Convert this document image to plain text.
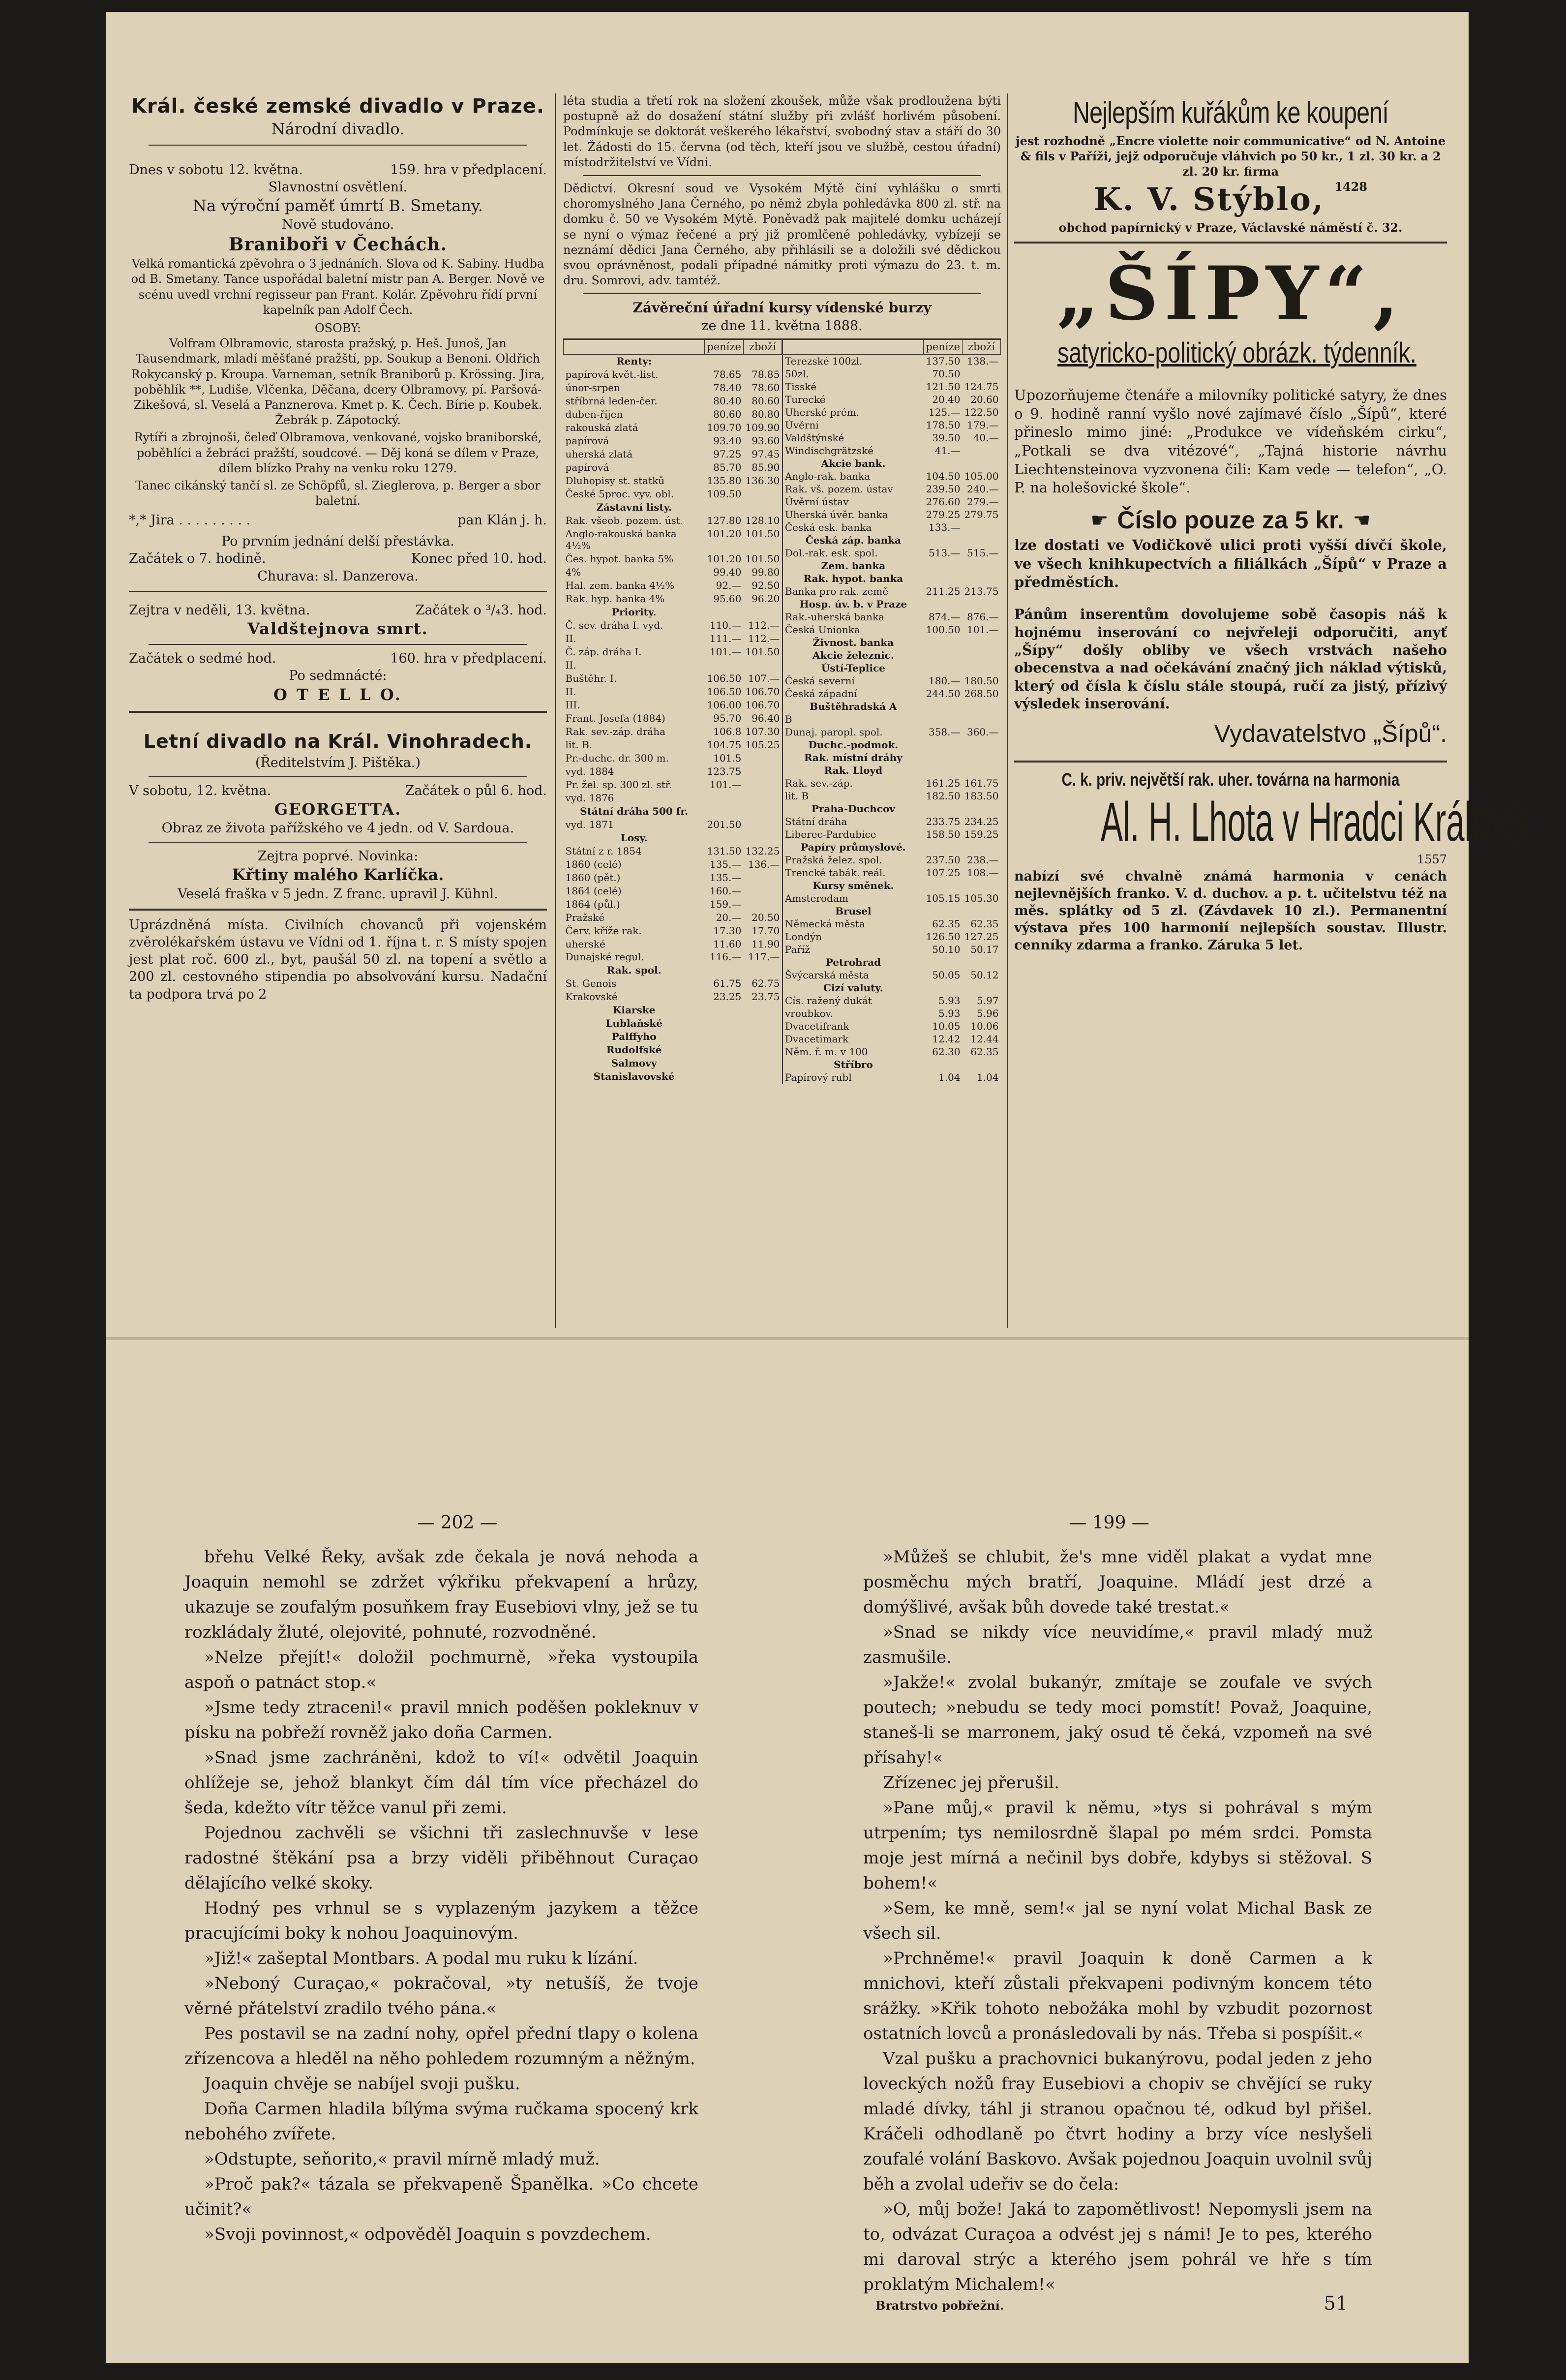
Král. české zemské divadlo v Praze.
Národní divadlo.
Dnes v sobotu 12. května.	159. hra v předplacení.
Slavnostní osvětlení.
Na výroční paměť úmrtí B. Smetany.
Nově studováno.
Braniboři v Čechách.
Velká romantická zpěvohra o 3 jednáních. Slova od K. Sabiny. Hudba od B. Smetany. Tance uspořádal baletní mistr pan A. Berger. Nově ve scénu uvedl vrchní regisseur pan Frant. Kolár. Zpěvohru řídí první kapelník pan Adolf Čech.
OSOBY:
Volfram Olbramovic, starosta pražský, p. Heš. Junoš, Jan Tausendmark, mladí měšťané pražští, pp. Soukup a Benoni. Oldřich Rokycanský p. Kroupa. Varneman, setník Braniborů p. Krössing. Jira, poběhlík **, Ludiše, Vlčenka, Děčana, dcery Olbramovy, pí. Paršová-Zikešová, sl. Veselá a Panznerova. Kmet p. K. Čech. Bírie p. Koubek. Žebrák p. Zápotocký.
Rytíři a zbrojnoši, čeleď Olbramova, venkované, vojsko braniborské, poběhlíci a žebráci pražští, soudcové. — Děj koná se dílem v Praze, dílem blízko Prahy na venku roku 1279.
Tanec cikánský tančí sl. ze Schöpfů, sl. Zieglerova, p. Berger a sbor baletní.
*,* Jira . . . . . . . . .	pan Klán j. h.
Po prvním jednání delší přestávka.
Začátek o 7. hodině.	Konec před 10. hod.
Churava: sl. Danzerova.
Zejtra v neděli, 13. května.	Začátek o ³/₄3. hod.
Valdštejnova smrt.
Začátek o sedmé hod.	160. hra v předplacení.
Po sedmnácté:
O T E L L O.
Letní divadlo na Král. Vinohradech.
(Ředitelstvím J. Pištěka.)
V sobotu, 12. května.	Začátek o půl 6. hod.
GEORGETTA.
Obraz ze života pařížského ve 4 jedn. od V. Sardoua.
Zejtra poprvé. Novinka:
Křtiny malého Karlíčka.
Veselá fraška v 5 jedn. Z franc. upravil J. Kühnl.
Uprázdněná místa. Civilních chovanců při vojenském zvěrolékařském ústavu ve Vídni od 1. října t. r. S místy spojen jest plat roč. 600 zl., byt, paušál 50 zl. na topení a světlo a 200 zl. cestovného stipendia po absolvování kursu. Nadační ta podpora trvá po 2
léta studia a třetí rok na složení zkoušek, může však prodloužena býti postupně až do dosažení státní služby při zvlášť horlivém působení. Podmínkuje se doktorát veškerého lékařství, svobodný stav a stáří do 30 let. Žádosti do 15. června (od těch, kteří jsou ve službě, cestou úřadní) místodržitelství ve Vídni.
Dědictví. Okresní soud ve Vysokém Mýtě činí vyhlášku o smrti choromyslného Jana Černého, po němž zbyla pohledávka 800 zl. stř. na domku č. 50 ve Vysokém Mýtě. Poněvadž pak majitelé domku ucházejí se nyní o výmaz řečené a prý již promlčené pohledávky, vybízejí se neznámí dědici Jana Černého, aby přihlásili se a doložili své dědickou svou oprávněnost, podali případné námitky proti výmazu do 23. t. m. dru. Somrovi, adv. tamtéž.
Závěreční úřadní kursy vídenské burzy
ze dne 11. května 1888.
	peníze	zboží
Renty:		
papírová květ.-list.	78.65	78.85
únor-srpen	78.40	78.60
stříbrná leden-čer.	80.40	80.60
duben-říjen	80.60	80.80
rakouská zlatá	109.70	109.90
papírová	93.40	93.60
uherská zlatá	97.25	97.45
papírová	85.70	85.90
Dluhopisy st. statků	135.80	136.30
České 5proc. vyv. obl.	109.50	
Zástavní listy.		
Rak. všeob. pozem. úst.	127.80	128.10
Anglo-rakouská banka 4½%	101.20	101.50
Čes. hypot. banka 5%	101.20	101.50
4%	99.40	99.80
Hal. zem. banka 4½%	92.—	92.50
Rak. hyp. banka 4%	95.60	96.20
Priority.		
Č. sev. dráha I. vyd.	110.—	112.—
II.	111.—	112.—
Č. záp. dráha I.	101.—	101.50
II.		
Buštěhr. I.	106.50	107.—
II.	106.50	106.70
III.	106.00	106.70
Frant. Josefa (1884)	95.70	96.40
Rak. sev.-záp. dráha	106.8	107.30
lit. B.	104.75	105.25
Pr.-duchc. dr. 300 m.	101.5	
vyd. 1884	123.75	
Pr. žel. sp. 300 zl. stř.	101.—	
vyd. 1876		
Státní dráha 500 fr.		
vyd. 1871	201.50	
Losy.		
Státní z r. 1854	131.50	132.25
1860 (celé)	135.—	136.—
1860 (pět.)	135.—	
1864 (celé)	160.—	
1864 (půl.)	159.—	
Pražské	20.—	20.50
Červ. kříže rak.	17.30	17.70
uherské	11.60	11.90
Dunajské regul.	116.—	117.—
Rak. spol.		
St. Genois	61.75	62.75
Krakovské	23.25	23.75
Kiarske		
Lublaňské		
Palffyho		
Rudolfské		
Salmovy		
Stanislavovské		
	peníze	zboží
Terezské 100zl.	137.50	138.—
50zl.	70.50	
Tisské	121.50	124.75
Turecké	20.40	20.60
Uherské prém.	125.—	122.50
Úvěrní	178.50	179.—
Valdštýnské	39.50	40.—
Windischgrätzské	41.—	
Akcie bank.		
Anglo-rak. banka	104.50	105.00
Rak. vš. pozem. ústav	239.50	240.—
Úvěrní ústav	276.60	279.—
Uherská úvěr. banka	279.25	279.75
Česká esk. banka	133.—	
Česká záp. banka		
Dol.-rak. esk. spol.	513.—	515.—
Zem. banka		
Rak. hypot. banka		
Banka pro rak. země	211.25	213.75
Hosp. úv. b. v Praze		
Rak.-uherská banka	874.—	876.—
Česká Unionka	100.50	101.—
Živnost. banka		
Akcie železnic.		
Ústí-Teplice		
Česká severní	180.—	180.50
Česká západní	244.50	268.50
Buštěhradská A		
B		
Dunaj. paropl. spol.	358.—	360.—
Duchc.-podmok.		
Rak. místní dráhy		
Rak. Lloyd		
Rak. sev.-záp.	161.25	161.75
lit. B	182.50	183.50
Praha-Duchcov		
Státní dráha	233.75	234.25
Liberec-Pardubice	158.50	159.25
Papíry průmyslové.		
Pražská želez. spol.	237.50	238.—
Trencké tabák. reál.	107.25	108.—
Kursy směnek.		
Amsterodam	105.15	105.30
Brusel		
Německá města	62.35	62.35
Londýn	126.50	127.25
Paříž	50.10	50.17
Petrohrad		
Švýcarská města	50.05	50.12
Cizí valuty.		
Cís. ražený dukát	5.93	5.97
vroubkov.	5.93	5.96
Dvacetifrank	10.05	10.06
Dvacetimark	12.42	12.44
Něm. ř. m. v 100	62.30	62.35
Stříbro		
Papírový rubl	1.04	1.04
Nejlepším kuřákům ke koupení
jest rozhodně „Encre violette noir communicative“ od N. Antoine & fils v Paříži, jejž odporučuje vláhvich po 50 kr., 1 zl. 30 kr. a 2 zl. 20 kr. firma
K. V. Stýblo, 1428
obchod papírnický v Praze, Václavské náměstí č. 32.
„ŠÍPY“,
satyricko-politický obrázk. týdenník.
Upozorňujeme čtenáře a milovníky politické satyry, že dnes o 9. hodině ranní vyšlo nové zajímavé číslo „Šípů“, které přineslo mimo jiné: „Produkce ve vídeňském cirku“, „Potkali se dva vitézové“, „Tajná historie návrhu Liechtensteinova vyzvonena čili: Kam vede — telefon“, „O. P. na holešovické škole“.
☛ Číslo pouze za 5 kr. ☚
lze dostati ve Vodičkově ulici proti vyšší dívčí škole, ve všech knihkupectvích a filiálkách „Šípů“ v Praze a předměstích.
Pánům inserentům dovolujeme sobě časopis náš k hojnému inserování co nejvřeleji odporučiti, anyť „Šípy“ došly obliby ve všech vrstvách našeho obecenstva a nad očekávání značný jich náklad výtisků, který od čísla k číslu stále stoupá, ručí za jistý, přízivý výsledek inserování.
Vydavatelstvo „Šípů“.
C. k. priv. největší rak. uher. továrna na harmonia
Al. H. Lhota v Hradci Králové
1557
nabízí své chvalně známá harmonia v cenách nejlevnějších franko. V. d. duchov. a p. t. učitelstvu též na měs. splátky od 5 zl. (Závdavek 10 zl.). Permanentní výstava přes 100 harmonií nejlepších soustav. Illustr. cenníky zdarma a franko. Záruka 5 let.
— 202 —

břehu Velké Řeky, avšak zde čekala je nová nehoda a Joaquin nemohl se zdržet výkřiku překvapení a hrůzy, ukazuje se zoufalým posuňkem fray Eusebiovi vlny, jež se tu rozkládaly žluté, olejovité, pohnuté, rozvodněné.

»Nelze přejít!« doložil pochmurně, »řeka vystoupila aspoň o patnáct stop.«

»Jsme tedy ztraceni!« pravil mnich poděšen pokleknuv v písku na pobřeží rovněž jako doña Carmen.

»Snad jsme zachráněni, kdož to ví!« odvětil Joaquin ohlížeje se, jehož blankyt čím dál tím více přecházel do šeda, kdežto vítr těžce vanul při zemi.

Pojednou zachvěli se všichni tři zaslechnuvše v lese radostné štěkání psa a brzy viděli přiběhnout Curaçao dělajícího velké skoky.

Hodný pes vrhnul se s vyplazeným jazykem a těžce pracujícími boky k nohou Joaquinovým.

»Již!« zašeptal Montbars. A podal mu ruku k lízání.

»Neboný Curaçao,« pokračoval, »ty netušíš, že tvoje věrné přátelství zradilo tvého pána.«

Pes postavil se na zadní nohy, opřel přední tlapy o kolena zřízencova a hleděl na něho pohledem rozumným a něžným.

Joaquin chvěje se nabíjel svoji pušku.

Doña Carmen hladila bílýma svýma ručkama spocený krk nebohého zvířete.

»Odstupte, seňorito,« pravil mírně mladý muž.

»Proč pak?« tázala se překvapeně Španělka. »Co chcete učinit?«

»Svoji povinnost,« odpověděl Joaquin s povzdechem.

— 199 —

»Můžeš se chlubit, že's mne viděl plakat a vydat mne posměchu mých bratří, Joaquine. Mládí jest drzé a domýšlivé, avšak bůh dovede také trestat.«

»Snad se nikdy více neuvidíme,« pravil mladý muž zasmušile.

»Jakže!« zvolal bukanýr, zmítaje se zoufale ve svých poutech; »nebudu se tedy moci pomstít! Považ, Joaquine, staneš-li se marronem, jaký osud tě čeká, vzpomeň na své přísahy!«

Zřízenec jej přerušil.

»Pane můj,« pravil k němu, »tys si pohrával s mým utrpením; tys nemilosrdně šlapal po mém srdci. Pomsta moje jest mírná a nečinil bys dobře, kdybys si stěžoval. S bohem!«

»Sem, ke mně, sem!« jal se nyní volat Michal Bask ze všech sil.

»Prchněme!« pravil Joaquin k doně Carmen a k mnichovi, kteří zůstali překvapeni podivným koncem této srážky. »Křik tohoto nebožáka mohl by vzbudit pozornost ostatních lovců a pronásledovali by nás. Třeba si pospíšit.«

Vzal pušku a prachovnici bukanýrovu, podal jeden z jeho loveckých nožů fray Eusebiovi a chopiv se chvějící se ruky mladé dívky, táhl ji stranou opačnou té, odkud byl přišel. Kráčeli odhodlaně po čtvrt hodiny a brzy více neslyšeli zoufalé volání Baskovo. Avšak pojednou Joaquin uvolnil svůj běh a zvolal udeřiv se do čela:

»O, můj bože! Jaká to zapomětlivost! Nepomysli jsem na to, odvázat Curaçoa a odvést jej s námi! Je to pes, kterého mi daroval strýc a kterého jsem pohrál ve hře s tím proklatým Michalem!«

Bratrstvo pobřežní.	51
